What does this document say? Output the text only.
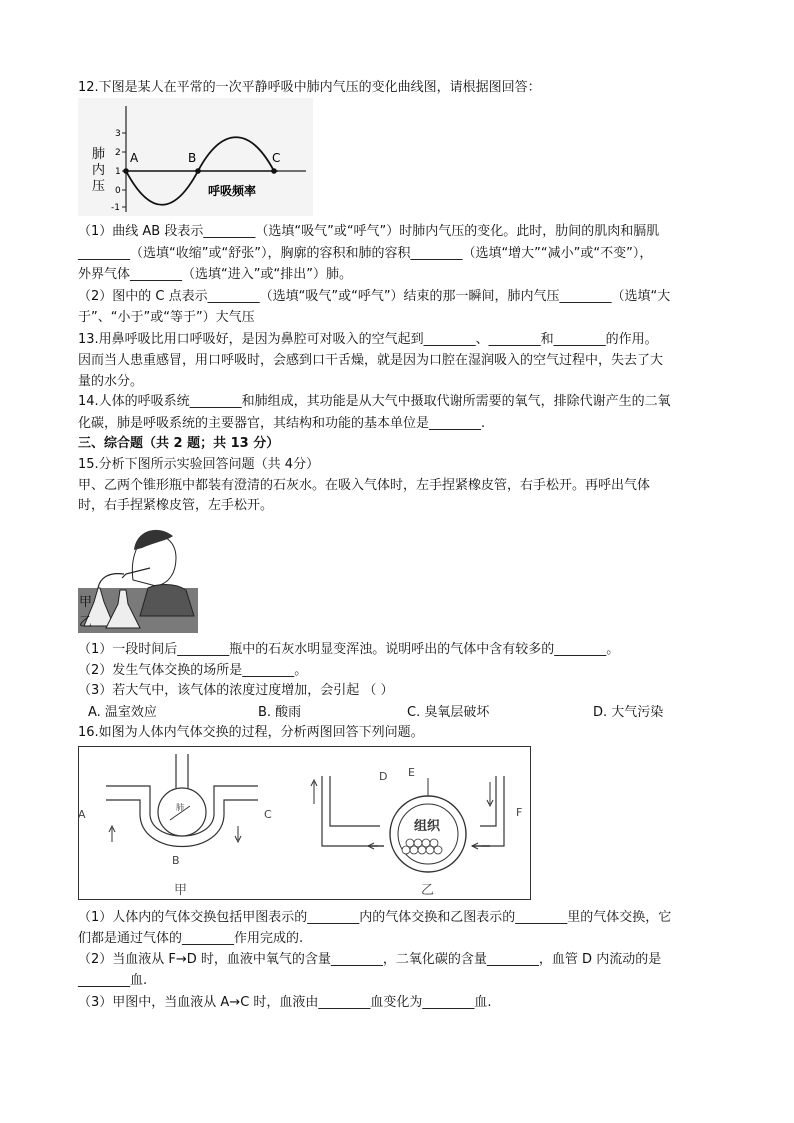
12.下图是某人在平常的一次平静呼吸中肺内气压的变化曲线图，请根据图回答：
3
2
1
0
-1
肺
内
压
A	B	C
呼吸频率
（1）曲线 AB 段表示________（选填“吸气”或“呼气”）时肺内气压的变化。此时，肋间的肌肉和膈肌
________（选填“收缩”或“舒张”），胸廓的容积和肺的容积________（选填“增大”“减小”或“不变”），
外界气体________（选填“进入”或“排出”）肺。
（2）图中的 C 点表示________（选填“吸气”或“呼气”）结束的那一瞬间，肺内气压________（选填“大
于”、“小于”或“等于”）大气压
13.用鼻呼吸比用口呼吸好，是因为鼻腔可对吸入的空气起到________、________和________的作用。
因而当人患重感冒，用口呼吸时，会感到口干舌燥，就是因为口腔在湿润吸入的空气过程中，失去了大
量的水分。
14.人体的呼吸系统________和肺组成，其功能是从大气中摄取代谢所需要的氧气，排除代谢产生的二氧
化碳，肺是呼吸系统的主要器官，其结构和功能的基本单位是________.
三、综合题（共 2 题；共 13 分）
15.分析下图所示实验回答问题（共 4分）
甲、乙两个锥形瓶中都装有澄清的石灰水。在吸入气体时，左手捏紧橡皮管，右手松开。再呼出气体
时，右手捏紧橡皮管，左手松开。
甲
乙
（1）一段时间后________瓶中的石灰水明显变浑浊。说明呼出的气体中含有较多的________。
（2）发生气体交换的场所是________。
（3）若大气中，该气体的浓度过度增加，会引起 （ ）
A. 温室效应	B. 酸雨	C. 臭氧层破坏	D. 大气污染
16.如图为人体内气体交换的过程，分析两图回答下列问题。
A
B
C
肺
甲
D E
F
组织
乙
（1）人体内的气体交换包括甲图表示的________内的气体交换和乙图表示的________里的气体交换，它
们都是通过气体的________作用完成的.
（2）当血液从 F→D 时，血液中氧气的含量________，二氧化碳的含量________，血管 D 内流动的是
________血.
（3）甲图中，当血液从 A→C 时，血液由________血变化为________血.
